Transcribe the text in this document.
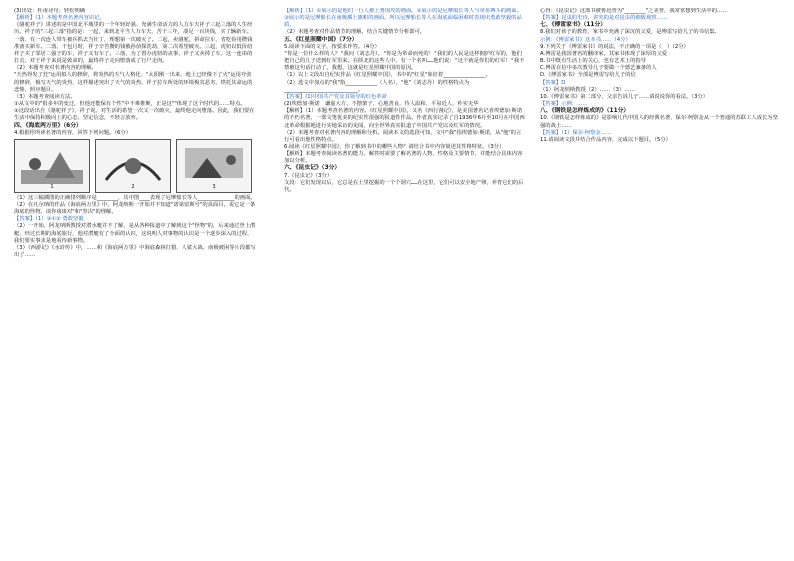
(3)出处：杜甫诗句；轻松明确

【解析】（1）本题考查名著内容识记。

《骆驼祥子》讲述的是中国北平城里的一个年轻好强、充满生命活力的人力车夫祥子三起三落的人生经历。祥子的"三起三落"指的是：一起，来到北平当人力车夫，苦干三年，凑足一百块钱，买了辆新车。一落，有一次连人带车被兵抓去当壮丁，理想第一次破灭了。二起，卖骆驼，拼命拉车，省吃俭用攒钱准备买新车。二落，干包月时，祥子辛苦攒的钱被孙侦探洗劫，第二次希望破灭。三起，虎妞以低价给祥子买了邻居二强子的车，祥子又有车了。三落，为了置办虎妞的丧事，祥子又卖掉了车。这一连串的打击，对于祥子来说是致命的，最终祥子走向堕落成了行尸走肉。

（2）本题考查对名著内容的理解。

"天热得发了狂"运用拟人的修辞，将炎热的天气人格化；"太阳刚一出来，地上已经像下了火"运用夸张的修辞，极写天气的炎热，这样描述突出了天气的炎热，祥子拉车所处的环境极其恶劣，烘托其命运的悲惨，照应题目。

（3）本题考查阅读方法。

①从文中的"很多年的变迁，但他还能保有个性"中不难推断，正是这""体现了这个时代的……特点。

②这段话出自《骆驼祥子》，祥子说，对生活的希望一次又一次破灭，最终他走向堕落。因此，我们要在生活中保持积极向上的心态，坚定信念，不轻言放弃。

四、《海底两万里》（6分）

4.根据你所读名著的内容，回答下列问题。（6分）

1	2	3

（1）这三幅插图的正确排列顺序是________，其中图____表现了尼摩船长等人______________的画面。

（2）在凡尔纳的作品《海底两万里》中，阿龙纳斯一开始并不知道"诺第留斯号"的真面目，说它是一条海底的怪物。请你谈谈对"和"坚决"的理解。

【答案】（1）③①② 勇敢坚毅

（2）一开始，阿龙纳斯教授对潜水艇并不了解，是从各种报道中了解到这个"怪物"的，后来通过登上潜艇，经过长期的海底旅行，他对潜艇有了全面的认识，这说明人对事物的认识是一个逐步深入的过程，我们要实事求是地看待新事物。

（3）《西游记》《水浒传》中，……和《海底两万里》中海底森林打猎、人鲨大战、南极被困等片段都写出了……

【解析】（1）①展示的是他们一行人被土著围攻的画面。②展示的是尼摩船长等人与章鱼搏斗的画面。③展示的是尼摩船长在南极插上旗帜的画面。所以尼摩船长等人在海底面临困难时表现出勇敢坚毅的品质。

（2）本题考查对作品情节的理解，结合关键情节分析即可。

五、《红星照耀中国》（7分）

5.阅读下面的文字，按要求作答。（4分）

"你是一位什么样的人？"我问（刘志丹）。"你是为革命而死的！"我们的人民是这样拥护红军的，他们把自己的儿子送到红军里来。在陕北的这些人中，有一个名叫……他们说："这个就是你们的红军！"我不禁被这句话打动了，我想，这就是红星照耀中国的原因。

（1）以上文段出自纪实作品《红星照耀中国》，书中的"红星"象征着________________。

（2）选文中加点的"我"指____________（人名），"他"（刘志丹）的性格特点为____________________________。

【答案】(1)中国共产党及其领导的红色革命

(2)埃德加·斯诺　谦虚大方、不摆架子、心地善良、待人温和、平易近人、朴实无华

【解析】（1）本题考查名著的内容。《红星照耀中国》，又名《西行漫记》，是美国著名记者埃德加·斯诺的不朽名著，一部文笔优美的纪实性很强的报道性作品。作者真实记录了自1936年6月至10月在中国西北革命根据地进行实地采访的见闻，向全世界真实报道了中国共产党以及红军的情况。

（2）本题考查对名著内容的理解和分析。阅读本文的选段可知，文中"我"指埃德加·斯诺，从"他"的言行可看出他性格特点。

6.阅读《红星照耀中国》，你了解到书中的哪些人物？请结合书中内容简述其性格特征。（3分）

【解析】本题考查阅读名著的能力。解答时需要了解名著的人物、性格及主要情节，并能结合具体内容加以分析。

六、《昆虫记》（3分）

7.《昆虫记》（3分）

文段：它们发现以后，它总是在土里挖掘的一个个洞穴……在这里，它们可以安全地产卵，养育它们的后代。

心得：《昆虫记》这部书被鲁迅誉为"________"之美誉，我常常想到生活中的……

【答案】昆虫的史诗，讲究的是对昆虫的细致观察……

七、《傅雷家书》（11分）

8.我们对孩子的教育，家书中充满了深沉的父爱，是傅雷写给儿子的书信集。

示例：《傅雷家书》这本书……（4分）

9.下列关于《傅雷家书》的说法，不正确的一项是（　）（2分）

A.傅雷是我国著名的翻译家，其家书体现了深厚的父爱

B.书中既有生活上的关心，也有艺术上的指导

C.傅雷在信中多次教导儿子要做一个德艺兼备的人

D.《傅雷家书》全部是傅雷写给儿子的信

【答案】D

（1）阿龙纳斯教授（2）……（3）……

10.《傅雷家书》第二部分，父亲告诉儿子……请说说你的看法。（3分）

【答案】示例：……

八、《钢铁是怎样炼成的》（11分）

10.《钢铁是怎样炼成的》是影响几代中国人的经典名著，保尔·柯察金从一个普通的苏联工人成长为坚强的战士……

【答案】（1）保尔·柯察金……

11.请阅读文段并结合作品内容，完成以下题目。（5分）
